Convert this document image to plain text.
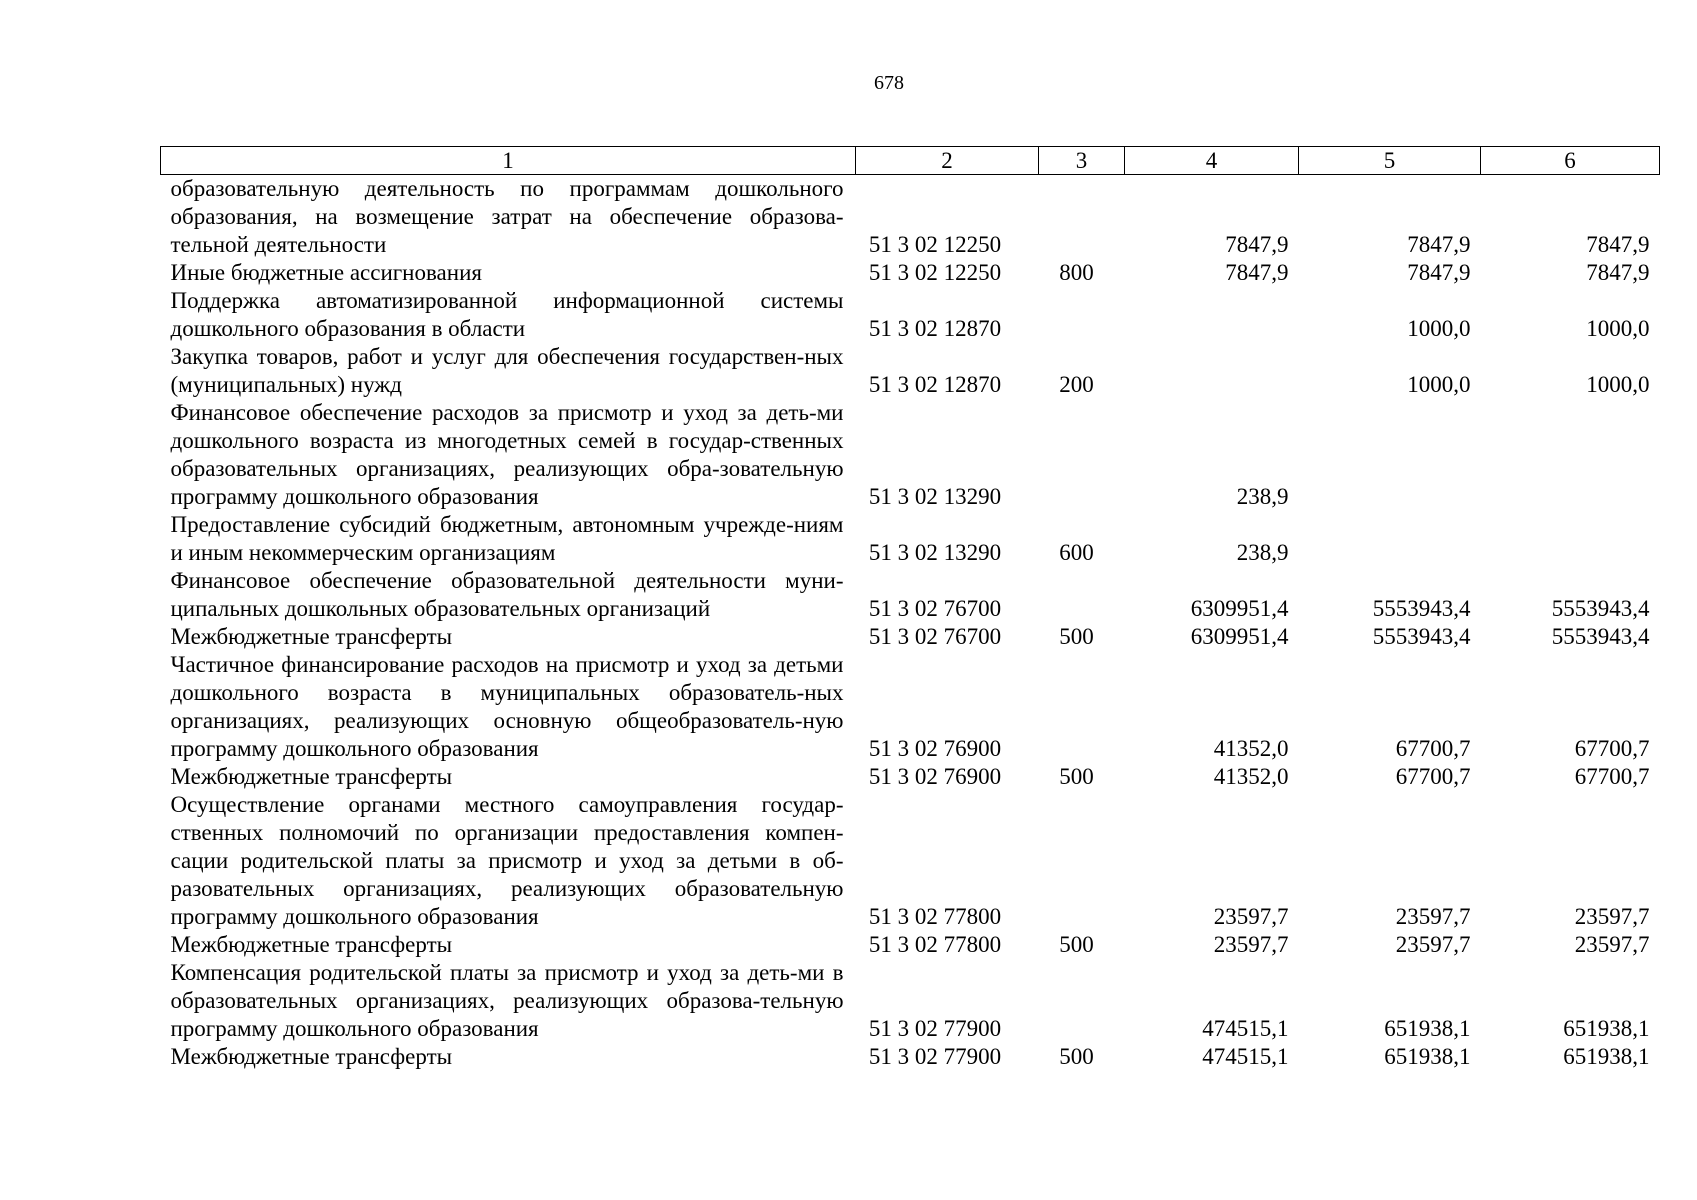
678
1	2	3	4	5	6
образовательную деятельность по программам дошкольного образования, на возмещение затрат на обеспечение образова-тельной деятельности	51 3 02 12250		7847,9	7847,9	7847,9
Иные бюджетные ассигнования	51 3 02 12250	800	7847,9	7847,9	7847,9
Поддержка автоматизированной информационной системы дошкольного образования в области	51 3 02 12870			1000,0	1000,0
Закупка товаров, работ и услуг для обеспечения государствен-ных (муниципальных) нужд	51 3 02 12870	200		1000,0	1000,0
Финансовое обеспечение расходов за присмотр и уход за деть-ми дошкольного возраста из многодетных семей в государ-ственных образовательных организациях, реализующих обра-зовательную программу дошкольного образования	51 3 02 13290		238,9		
Предоставление субсидий бюджетным, автономным учрежде-ниям и иным некоммерческим организациям	51 3 02 13290	600	238,9		
Финансовое обеспечение образовательной деятельности муни-ципальных дошкольных образовательных организаций	51 3 02 76700		6309951,4	5553943,4	5553943,4
Межбюджетные трансферты	51 3 02 76700	500	6309951,4	5553943,4	5553943,4
Частичное финансирование расходов на присмотр и уход за детьми дошкольного возраста в муниципальных образователь-ных организациях, реализующих основную общеобразователь-ную программу дошкольного образования	51 3 02 76900		41352,0	67700,7	67700,7
Межбюджетные трансферты	51 3 02 76900	500	41352,0	67700,7	67700,7
Осуществление органами местного самоуправления государ-ственных полномочий по организации предоставления компен-сации родительской платы за присмотр и уход за детьми в об-разовательных организациях, реализующих образовательную программу дошкольного образования	51 3 02 77800		23597,7	23597,7	23597,7
Межбюджетные трансферты	51 3 02 77800	500	23597,7	23597,7	23597,7
Компенсация родительской платы за присмотр и уход за деть-ми в образовательных организациях, реализующих образова-тельную программу дошкольного образования	51 3 02 77900		474515,1	651938,1	651938,1
Межбюджетные трансферты	51 3 02 77900	500	474515,1	651938,1	651938,1
